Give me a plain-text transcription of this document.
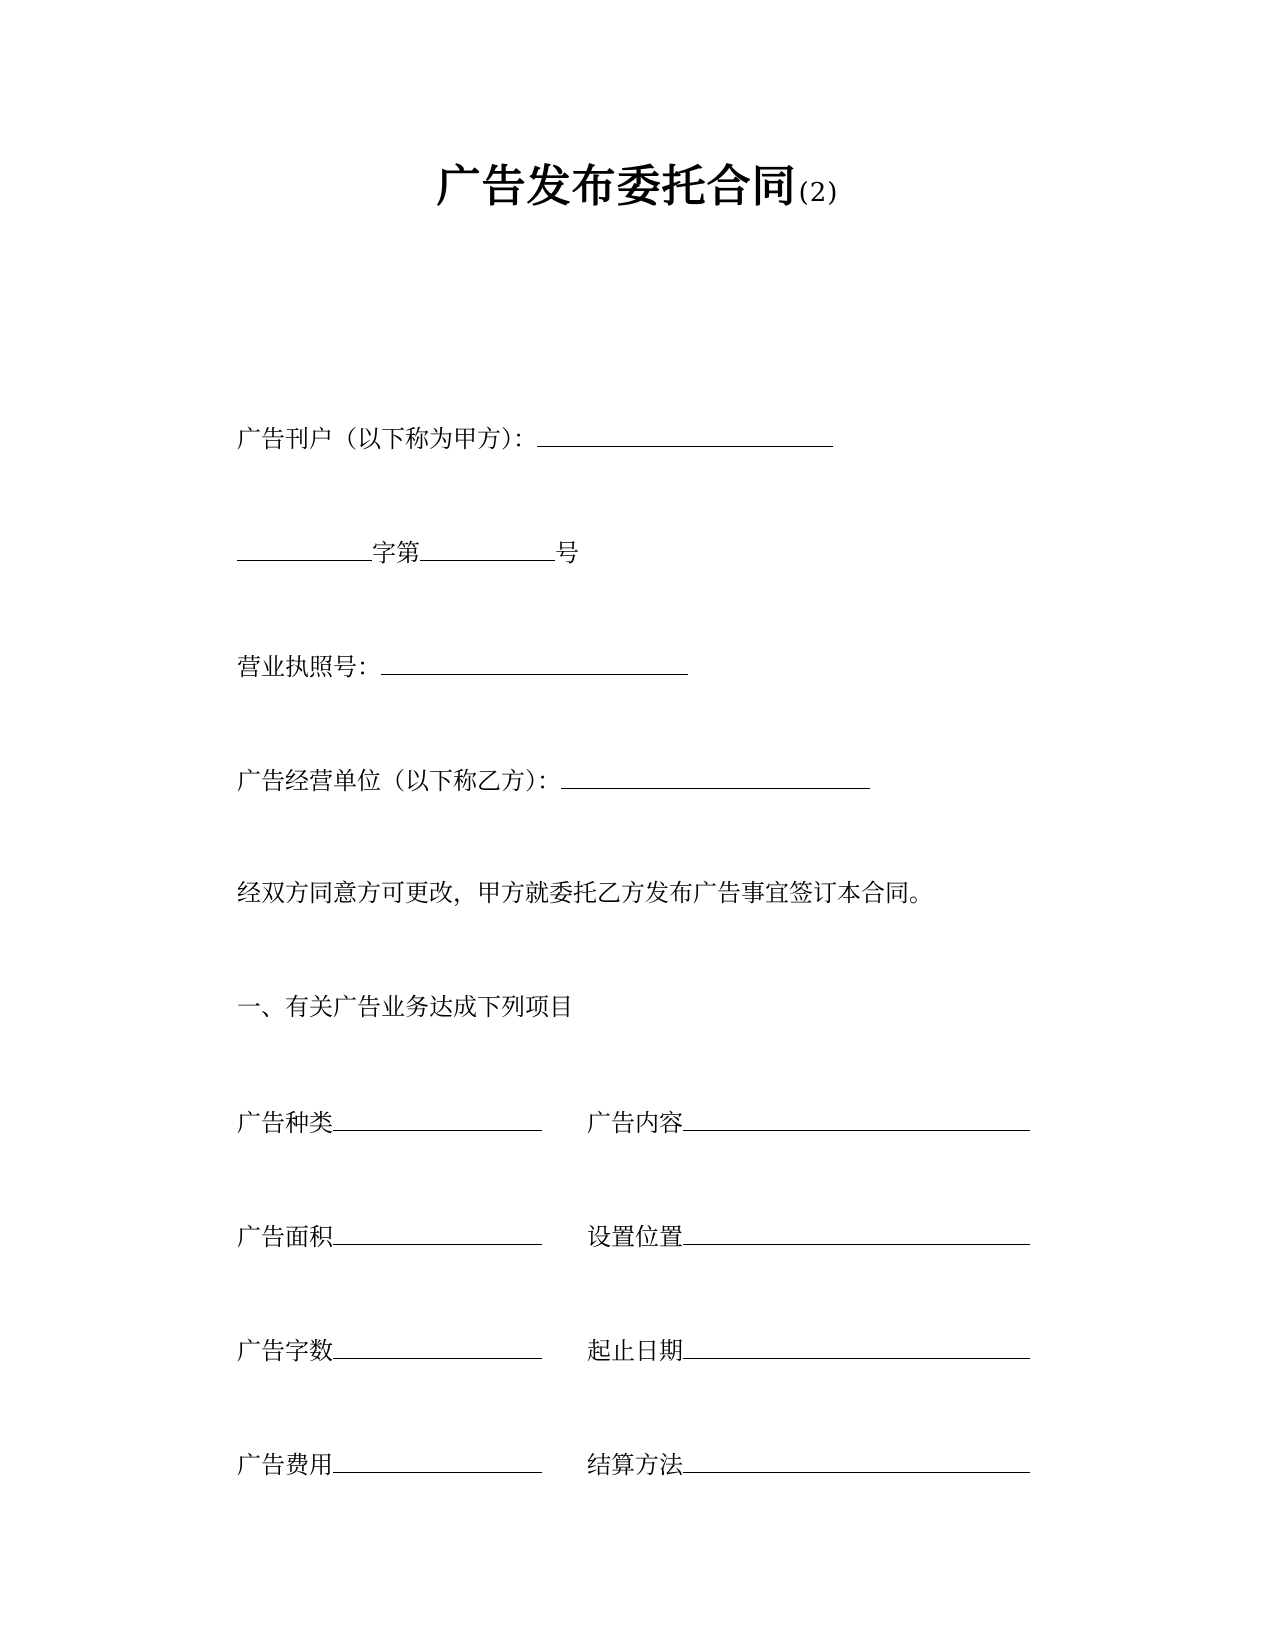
广告发布委托合同(2)
广告刊户（以下称为甲方）：
字第	号
营业执照号：
广告经营单位（以下称乙方）：
经双方同意方可更改，甲方就委托乙方发布广告事宜签订本合同。
一、有关广告业务达成下列项目
广告种类	广告内容
广告面积	设置位置
广告字数	起止日期
广告费用	结算方法
